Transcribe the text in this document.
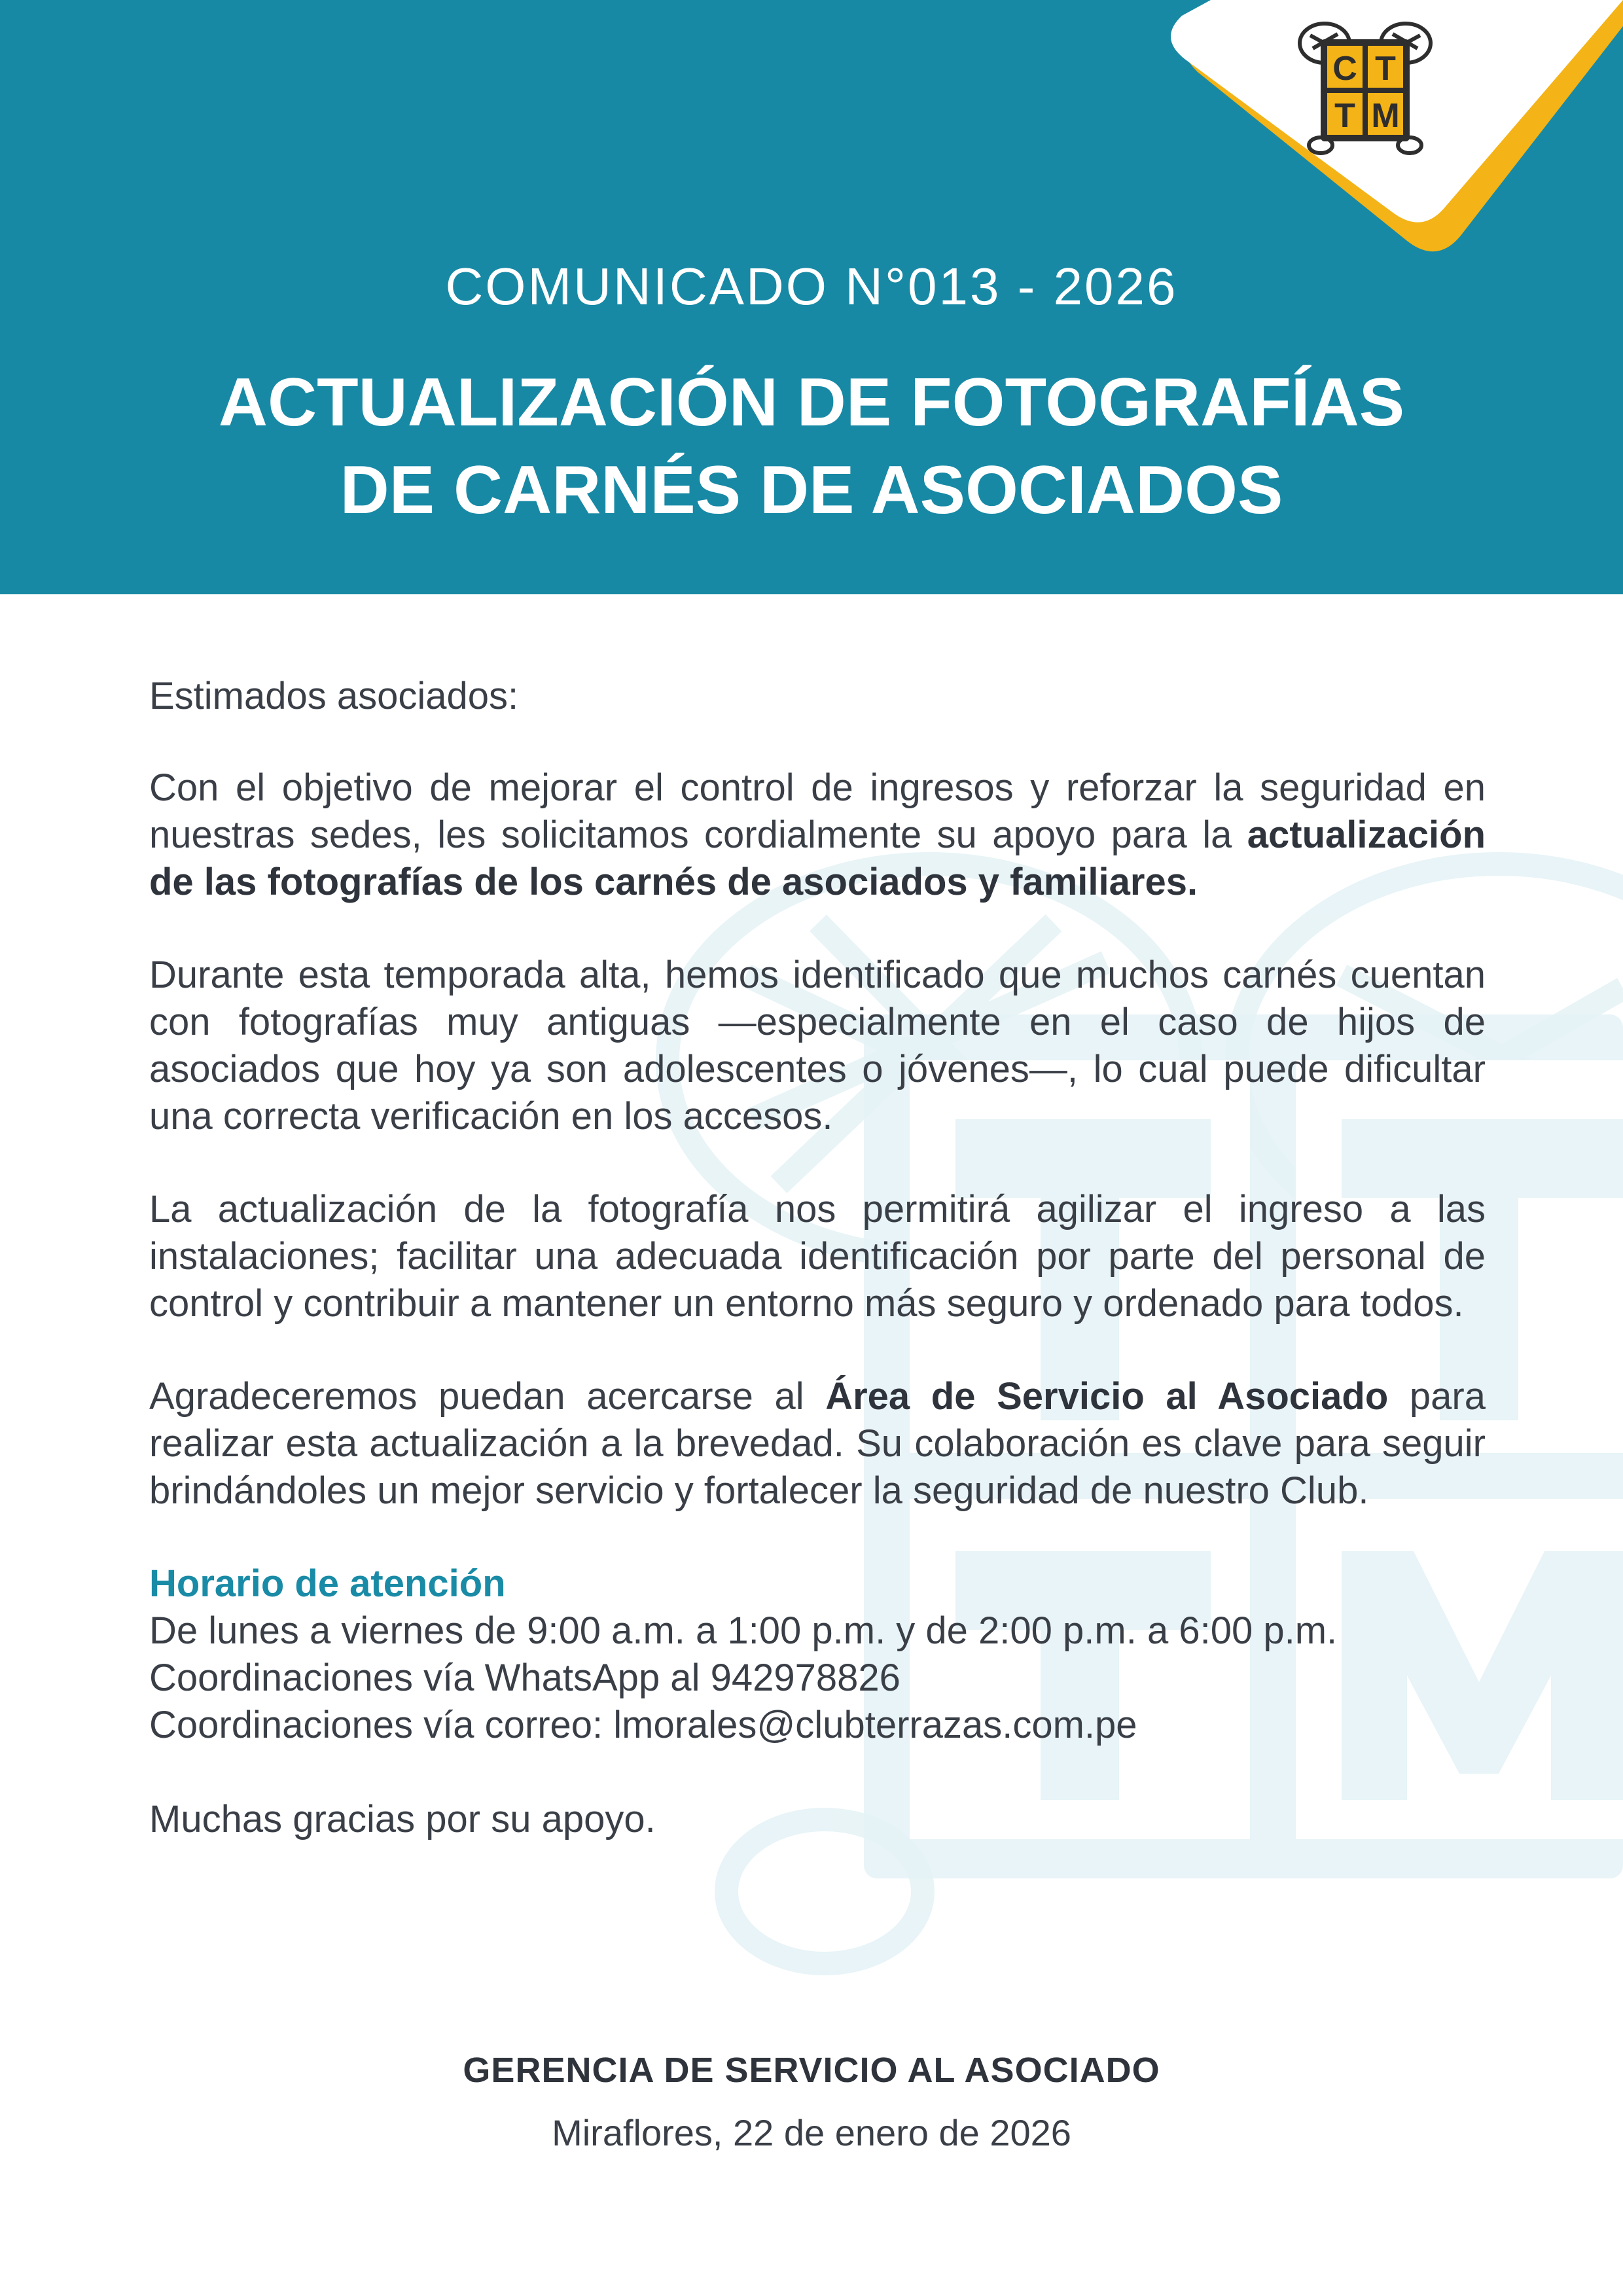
C T
T M
COMUNICADO N°013 - 2026
ACTUALIZACIÓN DE FOTOGRAFÍAS
DE CARNÉS DE ASOCIADOS

Estimados asociados:

Con el objetivo de mejorar el control de ingresos y reforzar la seguridad en nuestras sedes, les solicitamos cordialmente su apoyo para la actualización de las fotografías de los carnés de asociados y familiares.

Durante esta temporada alta, hemos identificado que muchos carnés cuentan con fotografías muy antiguas —especialmente en el caso de hijos de asociados que hoy ya son adolescentes o jóvenes—, lo cual puede dificultar una correcta verificación en los accesos.

La actualización de la fotografía nos permitirá agilizar el ingreso a las instalaciones; facilitar una adecuada identificación por parte del personal de control y contribuir a mantener un entorno más seguro y ordenado para todos.

Agradeceremos puedan acercarse al Área de Servicio al Asociado para realizar esta actualización a la brevedad. Su colaboración es clave para seguir brindándoles un mejor servicio y fortalecer la seguridad de nuestro Club.

Horario de atención

De lunes a viernes de 9:00 a.m. a 1:00 p.m. y de 2:00 p.m. a 6:00 p.m.

Coordinaciones vía WhatsApp al 942978826

Coordinaciones vía correo: lmorales@clubterrazas.com.pe

Muchas gracias por su apoyo.

GERENCIA DE SERVICIO AL ASOCIADO
Miraflores, 22 de enero de 2026
